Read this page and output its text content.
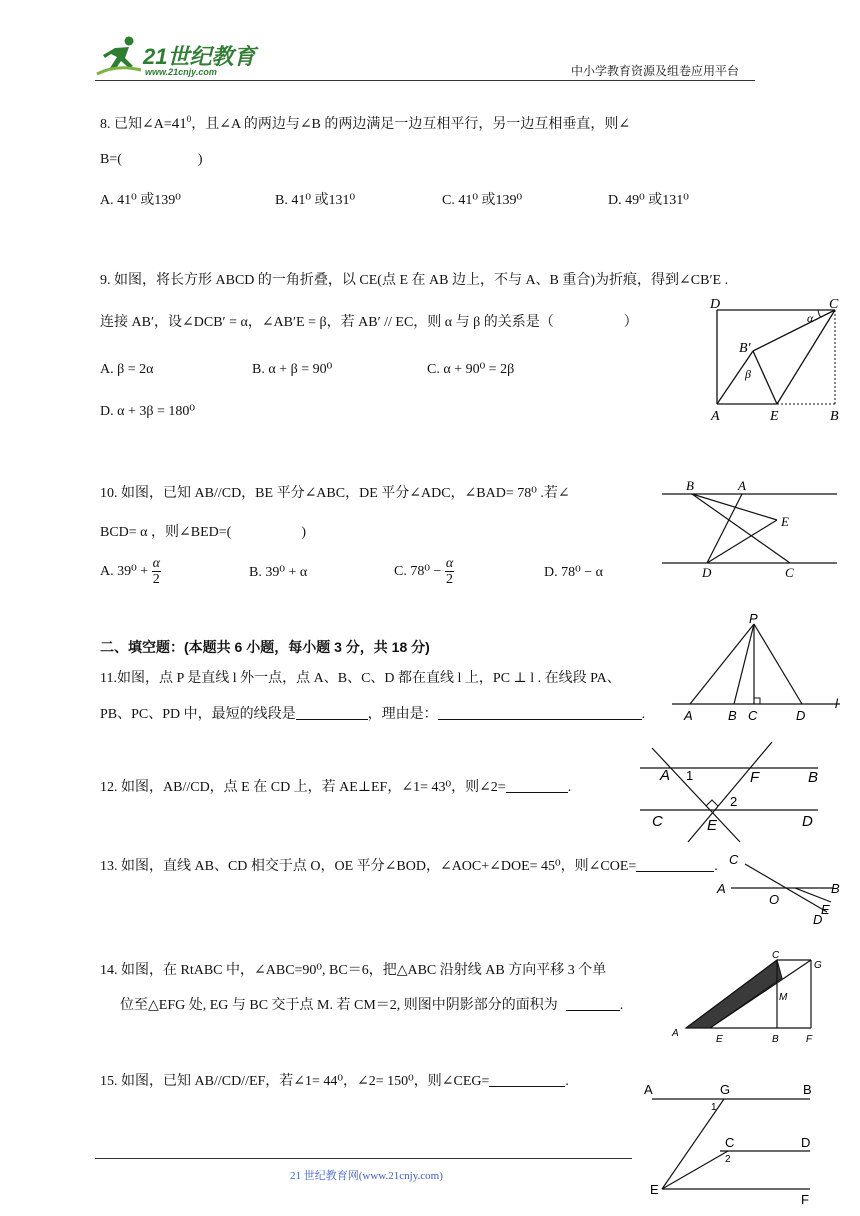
21世纪教育
www.21cnjy.com	中小学教育资源及组卷应用平台
8. 已知$\angle A=41^0$，且∠A 的两边与∠B 的两边满足一边互相平行，另一边互相垂直，则∠
B=(	)
A. 41⁰ 或139⁰	B. 41⁰ 或131⁰	C. 41⁰ 或139⁰	D. 49⁰ 或131⁰
9. 如图，将长方形 ABCD 的一角折叠，以 CE(点 E 在 AB 边上，不与 A、B 重合)为折痕，得到∠CB′E .
连接 AB′，设∠DCB′ = α，∠AB′E = β，若 AB′ // EC，则 α 与 β 的关系是（	）
A. β = 2α	B. α + β = 90⁰	C. α + 90⁰ = 2β
D. α + 3β = 180⁰
D	C
α
B′
β
A	E	B
10. 如图，已知 AB//CD，BE 平分∠ABC，DE 平分∠ADC，∠BAD= 78⁰ .若∠
BCD= α ，则∠BED=(	)
A. $39^0 + \frac{\alpha}{2}$	B. 39⁰ + α	C. $78^0 - \frac{\alpha}{2}$	D. 78⁰ − α
B	A
E
D	C
二、填空题：(本题共 6 小题，每小题 3 分，共 18 分)
11.如图，点 P 是直线 l 外一点，点 A、B、C、D 都在直线 l 上，PC ⊥ l . 在线段 PA、
PB、PC、PD 中，最短的线段是	，理由是：	.
P
A	B C	D
l
12. 如图，AB//CD，点 E 在 CD 上，若 AE⊥EF，∠1= 43⁰，则∠2=	.
A 1	F	B
2
C	E	D
13. 如图，直线 AB、CD 相交于点 O，OE 平分∠BOD，∠AOC+∠DOE= 45⁰，则∠COE=	. C
A
O
B
E
D
14. 如图，在 RtABC 中，∠ABC=90⁰, BC＝6，把△ABC 沿射线 AB 方向平移 3 个单
位至△EFG 处, EG 与 BC 交于点 M. 若 CM＝2, 则图中阴影部分的面积为	.
C
G
M
A
E	B	F
15. 如图，已知 AB//CD//EF，若∠1= 44⁰，∠2= 150⁰，则∠CEG=	.
A	G	B
1
C	D
2
E
F
21 世纪教育网(www.21cnjy.com)
